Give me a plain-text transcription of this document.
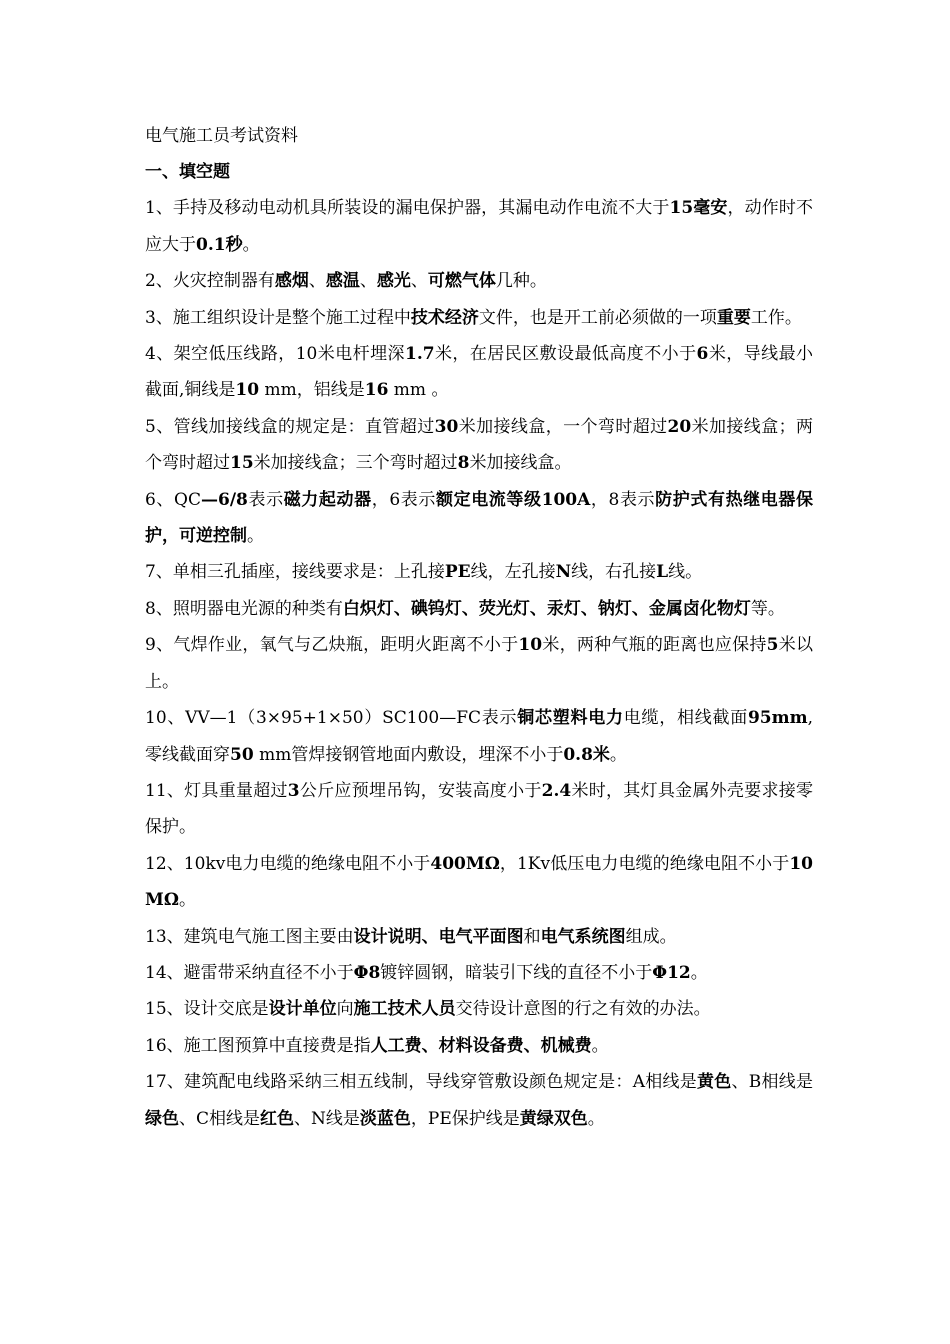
电气施工员考试资料

一、填空题

1、手持及移动电动机具所装设的漏电保护器，其漏电动作电流不大于15毫安，动作时不应大于0.1秒。

2、火灾控制器有感烟、感温、感光、可燃气体几种。

3、施工组织设计是整个施工过程中技术经济文件，也是开工前必须做的一项重要工作。

4、架空低压线路，10米电杆埋深1.7米，在居民区敷设最低高度不小于6米，导线最小截面,铜线是10 mm，铝线是16 mm 。

5、管线加接线盒的规定是：直管超过30米加接线盒，一个弯时超过20米加接线盒；两个弯时超过15米加接线盒；三个弯时超过8米加接线盒。

6、QC—6/8表示磁力起动器，6表示额定电流等级100A，8表示防护式有热继电器保护，可逆控制。

7、单相三孔插座，接线要求是：上孔接PE线，左孔接N线，右孔接L线。

8、照明器电光源的种类有白炽灯、碘钨灯、荧光灯、汞灯、钠灯、金属卤化物灯等。

9、气焊作业，氧气与乙炔瓶，距明火距离不小于10米，两种气瓶的距离也应保持5米以上。

10、VV—1（3×95+1×50）SC100—FC表示铜芯塑料电力电缆，相线截面95mm,零线截面穿50 mm管焊接钢管地面内敷设，埋深不小于0.8米。

11、灯具重量超过3公斤应预埋吊钩，安装高度小于2.4米时，其灯具金属外壳要求接零保护。

12、10kv电力电缆的绝缘电阻不小于400MΩ，1Kv低压电力电缆的绝缘电阻不小于10 MΩ。

13、建筑电气施工图主要由设计说明、电气平面图和电气系统图组成。

14、避雷带采纳直径不小于Φ8镀锌圆钢，暗装引下线的直径不小于Φ12。

15、设计交底是设计单位向施工技术人员交待设计意图的行之有效的办法。

16、施工图预算中直接费是指人工费、材料设备费、机械费。

17、建筑配电线路采纳三相五线制，导线穿管敷设颜色规定是：A相线是黄色、B相线是绿色、C相线是红色、N线是淡蓝色，PE保护线是黄绿双色。
